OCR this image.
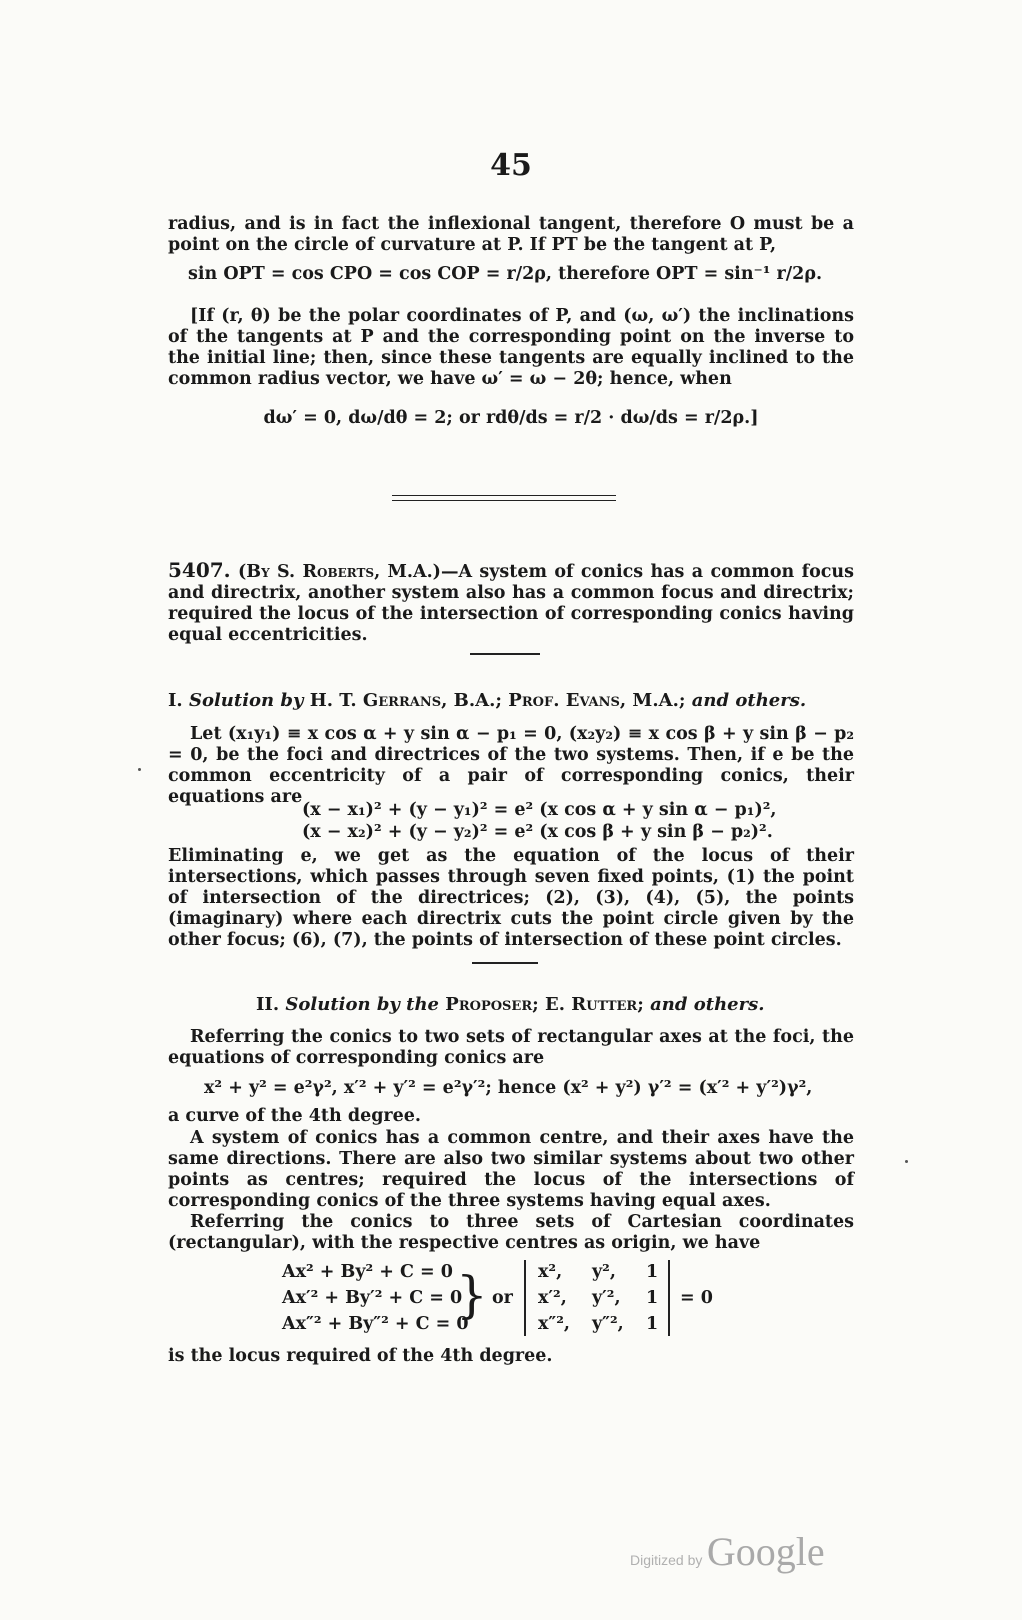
45

radius, and is in fact the inflexional tangent, therefore O must be a point on the circle of curvature at P. If PT be the tangent at P,

sin OPT = cos CPO = cos COP = r/2ρ, therefore OPT = sin⁻¹ r/2ρ.

[If (r, θ) be the polar coordinates of P, and (ω, ω′) the inclinations of the tangents at P and the corresponding point on the inverse to the initial line; then, since these tangents are equally inclined to the common radius vector, we have ω′ = ω − 2θ; hence, when

dω′ = 0, dω/dθ = 2; or rdθ/ds = r/2 · dω/ds = r/2ρ.]

5407. (By S. Roberts, M.A.)—A system of conics has a common focus and directrix, another system also has a common focus and directrix; required the locus of the intersection of corresponding conics having equal eccentricities.

I. Solution by H. T. Gerrans, B.A.; Prof. Evans, M.A.; and others.

Let (x₁y₁) ≡ x cos α + y sin α − p₁ = 0, (x₂y₂) ≡ x cos β + y sin β − p₂ = 0, be the foci and directrices of the two systems. Then, if e be the common eccentricity of a pair of corresponding conics, their equations are

(x − x₁)² + (y − y₁)² = e² (x cos α + y sin α − p₁)²,
(x − x₂)² + (y − y₂)² = e² (x cos β + y sin β − p₂)².

Eliminating e, we get as the equation of the locus of their intersections, which passes through seven fixed points, (1) the point of intersection of the directrices; (2), (3), (4), (5), the points (imaginary) where each directrix cuts the point circle given by the other focus; (6), (7), the points of intersection of these point circles.

II. Solution by the Proposer; E. Rutter; and others.

Referring the conics to two sets of rectangular axes at the foci, the equations of corresponding conics are

x² + y² = e²γ², x′² + y′² = e²γ′²; hence (x² + y²) γ′² = (x′² + y′²)γ²,

a curve of the 4th degree.

A system of conics has a common centre, and their axes have the same directions. There are also two similar systems about two other points as centres; required the locus of the intersections of corresponding conics of the three systems having equal axes.

Referring the conics to three sets of Cartesian coordinates (rectangular), with the respective centres as origin, we have

Ax² + By² + C = 0
Ax′² + By′² + C = 0
Ax″² + By″² + C = 0
} or
x², y², 1
x′², y′², 1
x″², y″², 1
= 0

is the locus required of the 4th degree.

Digitized by Google
